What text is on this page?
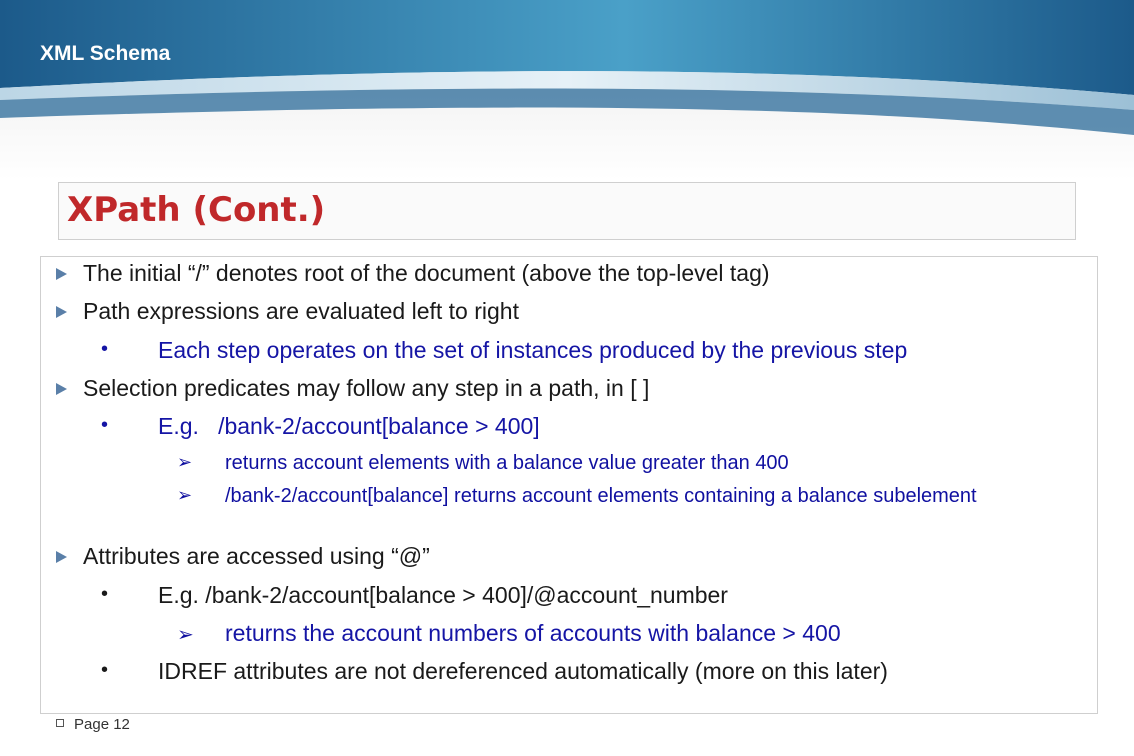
XML Schema
XPath (Cont.)
The initial “/” denotes root of the document (above the top-level tag)
Path expressions are evaluated left to right
• Each step operates on the set of instances produced by the previous step
Selection predicates may follow any step in a path, in [ ]
• E.g.   /bank-2/account[balance > 400]
➢ returns account elements with a balance value greater than 400
➢ /bank-2/account[balance] returns account elements containing a balance subelement
Attributes are accessed using “@”
• E.g. /bank-2/account[balance > 400]/@account_number
➢ returns the account numbers of accounts with balance > 400
• IDREF attributes are not dereferenced automatically (more on this later)
Page 12
